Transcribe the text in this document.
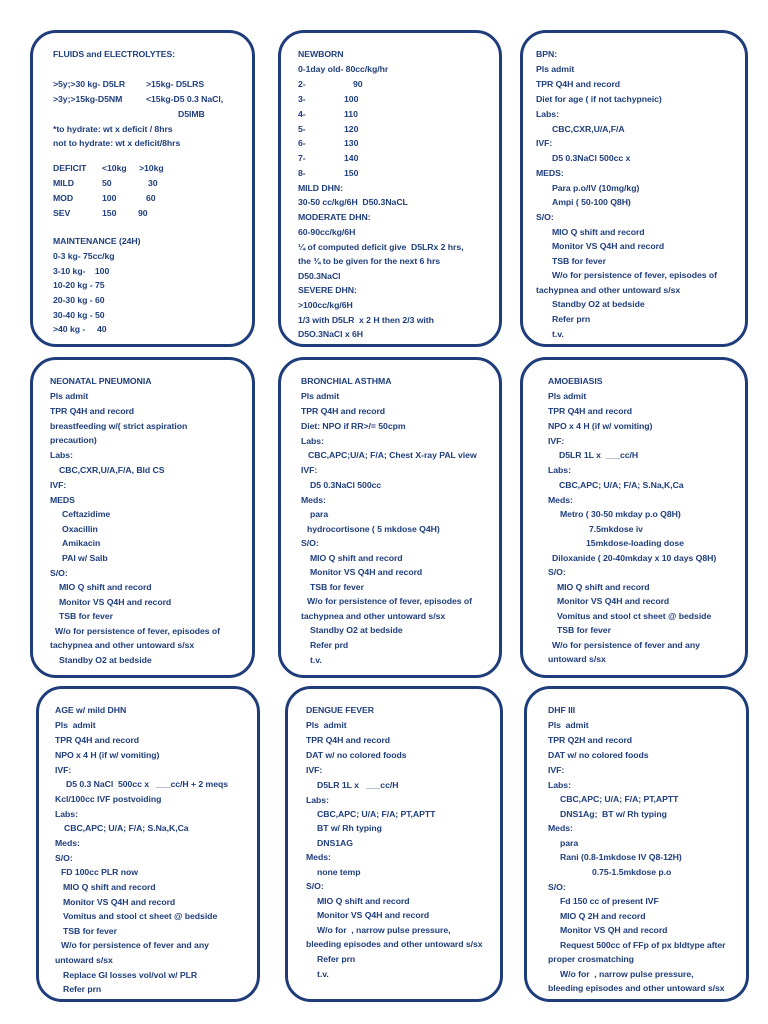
FLUIDS and ELECTROLYTES:
>5y;>30 kg- D5LR >15kg- D5LRS
>3y;>15kg-D5NM	<15kg-D5 0.3 NaCl,
D5IMB
*to hydrate: wt x deficit / 8hrs
not to hydrate: wt x deficit/8hrs
DEFICIT <10kg >10kg
MILD	50	30
MOD	100	60
SEV	150 90
MAINTENANCE (24H)
0-3 kg- 75cc/kg
3-10 kg-    100
10-20 kg - 75
20-30 kg - 60
30-40 kg - 50
>40 kg -     40
NEWBORN
0-1day old- 80cc/kg/hr
2-	90
3-	100
4-	110
5-	120
6-	130
7-	140
8-	150
MILD DHN:
30-50 cc/kg/6H  D50.3NaCL
MODERATE DHN:
60-90cc/kg/6H
¼ of computed deficit give  D5LRx 2 hrs,
the ¾ to be given for the next 6 hrs
D50.3NaCl
SEVERE DHN:
>100cc/kg/6H
1/3 with D5LR  x 2 H then 2/3 with
D5O.3NaCl x 6H
BPN:
Pls admit
TPR Q4H and record
Diet for age ( if not tachypneic)
Labs:
CBC,CXR,U/A,F/A
IVF:
D5 0.3NaCl 500cc x
MEDS:
Para p.o/IV (10mg/kg)
Ampi ( 50-100 Q8H)
S/O:
MIO Q shift and record
Monitor VS Q4H and record
TSB for fever
W/o for persistence of fever, episodes of
tachypnea and other untoward s/sx
Standby O2 at bedside
Refer prn
t.v.
NEONATAL PNEUMONIA
Pls admit
TPR Q4H and record
breastfeeding w/( strict aspiration
precaution)
Labs:
CBC,CXR,U/A,F/A, Bld CS
IVF:
MEDS
Ceftazidime
Oxacillin
Amikacin
PAI w/ Salb
S/O:
MIO Q shift and record
Monitor VS Q4H and record
TSB for fever
W/o for persistence of fever, episodes of
tachypnea and other untoward s/sx
Standby O2 at bedside
BRONCHIAL ASTHMA
Pls admit
TPR Q4H and record
Diet: NPO if RR>/= 50cpm
Labs:
CBC,APC;U/A; F/A; Chest X-ray PAL view
IVF:
D5 0.3NaCl 500cc
Meds:
para
hydrocortisone ( 5 mkdose Q4H)
S/O:
MIO Q shift and record
Monitor VS Q4H and record
TSB for fever
W/o for persistence of fever, episodes of
tachypnea and other untoward s/sx
Standby O2 at bedside
Refer prd
t.v.
AMOEBIASIS
Pls admit
TPR Q4H and record
NPO x 4 H (if w/ vomiting)
IVF:
D5LR 1L x  ___cc/H
Labs:
CBC,APC; U/A; F/A; S.Na,K,Ca
Meds:
Metro ( 30-50 mkday p.o Q8H)
7.5mkdose iv
15mkdose-loading dose
Diloxanide ( 20-40mkday x 10 days Q8H)
S/O:
MIO Q shift and record
Monitor VS Q4H and record
Vomitus and stool ct sheet @ bedside
TSB for fever
W/o for persistence of fever and any
untoward s/sx
AGE w/ mild DHN
Pls  admit
TPR Q4H and record
NPO x 4 H (if w/ vomiting)
IVF:
D5 0.3 NaCl  500cc x   ___cc/H + 2 meqs
Kcl/100cc IVF postvoiding
Labs:
CBC,APC; U/A; F/A; S.Na,K,Ca
Meds:
S/O:
FD 100cc PLR now
MIO Q shift and record
Monitor VS Q4H and record
Vomitus and stool ct sheet @ bedside
TSB for fever
W/o for persistence of fever and any
untoward s/sx
Replace GI losses vol/vol w/ PLR
Refer prn
DENGUE FEVER
Pls  admit
TPR Q4H and record
DAT w/ no colored foods
IVF:
D5LR 1L x   ___cc/H
Labs:
CBC,APC; U/A; F/A; PT,APTT
BT w/ Rh typing
DNS1AG
Meds:
none temp
S/O:
MIO Q shift and record
Monitor VS Q4H and record
W/o for  , narrow pulse pressure,
bleeding episodes and other untoward s/sx
Refer prn
t.v.
DHF III
Pls  admit
TPR Q2H and record
DAT w/ no colored foods
IVF:
Labs:
CBC,APC; U/A; F/A; PT,APTT
DNS1Ag;  BT w/ Rh typing
Meds:
para
Rani (0.8-1mkdose IV Q8-12H)
0.75-1.5mkdose p.o
S/O:
Fd 150 cc of present IVF
MIO Q 2H and record
Monitor VS QH and record
Request 500cc of FFp of px bldtype after
proper crosmatching
W/o for  , narrow pulse pressure,
bleeding episodes and other untoward s/sx
